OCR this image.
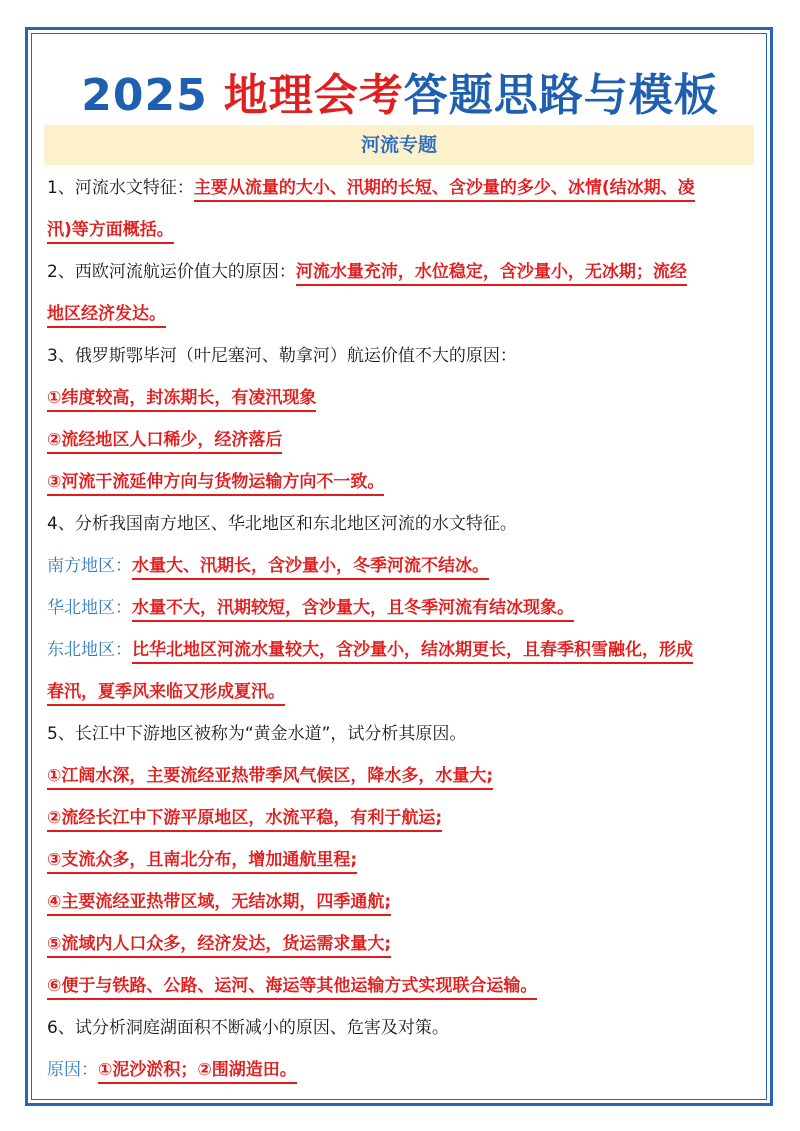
2025 地理会考答题思路与模板
河流专题
1、河流水文特征：主要从流量的大小、汛期的长短、含沙量的多少、冰情(结冰期、凌
汛)等方面概括。
2、西欧河流航运价值大的原因：河流水量充沛，水位稳定，含沙量小，无冰期；流经
地区经济发达。
3、俄罗斯鄂毕河（叶尼塞河、勒拿河）航运价值不大的原因：
①纬度较高，封冻期长，有凌汛现象
②流经地区人口稀少，经济落后
③河流干流延伸方向与货物运输方向不一致。
4、分析我国南方地区、华北地区和东北地区河流的水文特征。
南方地区：水量大、汛期长，含沙量小，冬季河流不结冰。
华北地区：水量不大，汛期较短，含沙量大，且冬季河流有结冰现象。
东北地区：比华北地区河流水量较大，含沙量小，结冰期更长，且春季积雪融化，形成
春汛，夏季风来临又形成夏汛。
5、长江中下游地区被称为“黄金水道”，试分析其原因。
①江阔水深，主要流经亚热带季风气候区，降水多，水量大;
②流经长江中下游平原地区，水流平稳，有利于航运;
③支流众多，且南北分布，增加通航里程;
④主要流经亚热带区域，无结冰期，四季通航;
⑤流域内人口众多，经济发达，货运需求量大;
⑥便于与铁路、公路、运河、海运等其他运输方式实现联合运输。
6、试分析洞庭湖面积不断减小的原因、危害及对策。
原因：①泥沙淤积；②围湖造田。
